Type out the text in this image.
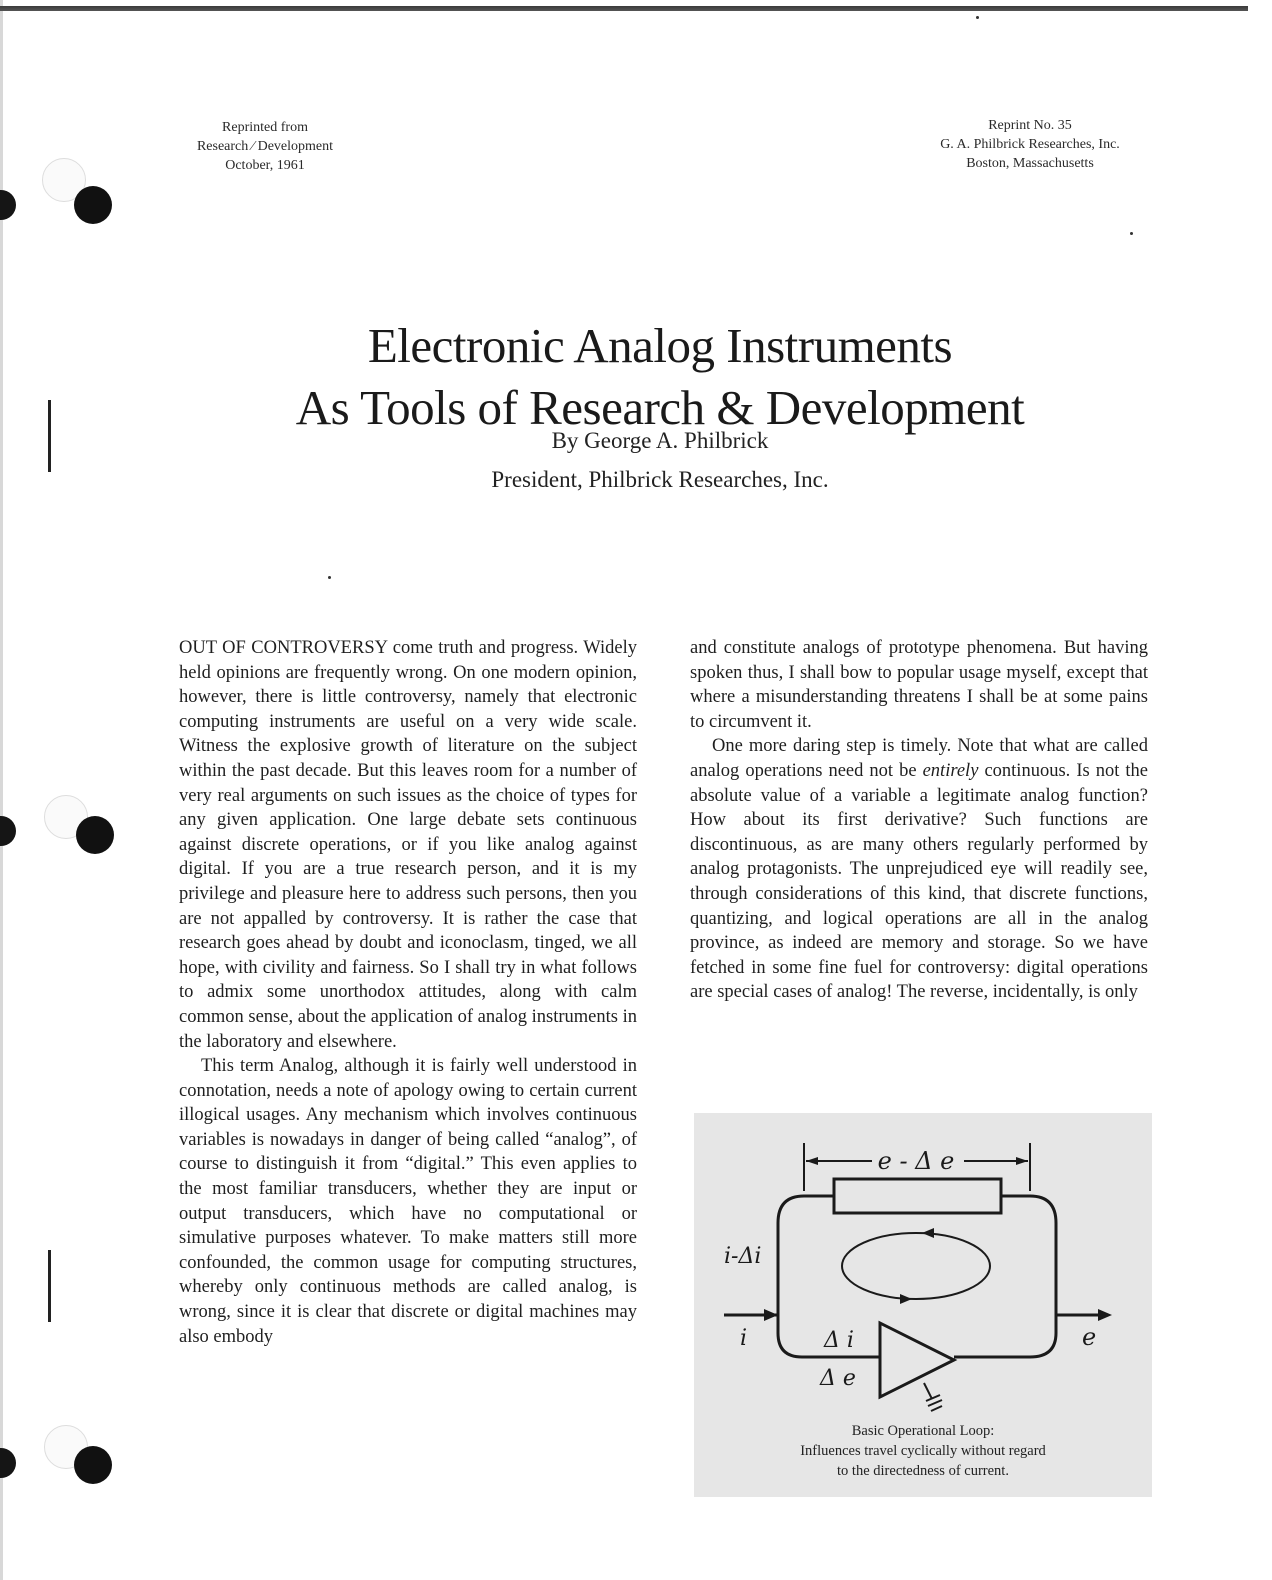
Reprinted from
Research ⁄ Development
October, 1961
Reprint No. 35
G. A. Philbrick Researches, Inc.
Boston, Massachusetts
Electronic Analog Instruments
As Tools of Research & Development
By George A. Philbrick
President, Philbrick Researches, Inc.

OUT OF CONTROVERSY come truth and progress. Widely held opinions are frequently wrong. On one modern opinion, however, there is little controversy, namely that electronic computing instruments are useful on a very wide scale. Witness the explosive growth of literature on the subject within the past decade. But this leaves room for a number of very real arguments on such issues as the choice of types for any given application. One large debate sets continuous against discrete operations, or if you like analog against digital. If you are a true research person, and it is my privilege and pleasure here to address such persons, then you are not appalled by controversy. It is rather the case that research goes ahead by doubt and iconoclasm, tinged, we all hope, with civility and fairness. So I shall try in what follows to admix some unorthodox attitudes, along with calm common sense, about the application of analog instruments in the laboratory and elsewhere.

This term Analog, although it is fairly well understood in connotation, needs a note of apology owing to certain current illogical usages. Any mechanism which involves continuous variables is nowadays in danger of being called “analog”, of course to distinguish it from “digital.” This even applies to the most familiar transducers, whether they are input or output transducers, which have no computational or simulative purposes whatever. To make matters still more confounded, the common usage for computing structures, whereby only continuous methods are called analog, is wrong, since it is clear that discrete or digital machines may also embody

and constitute analogs of prototype phenomena. But having spoken thus, I shall bow to popular usage myself, except that where a misunderstanding threatens I shall be at some pains to circumvent it.

One more daring step is timely. Note that what are called analog operations need not be entirely continuous. Is not the absolute value of a variable a legitimate analog function? How about its first derivative? Such functions are discontinuous, as are many others regularly performed by analog protagonists. The unprejudiced eye will readily see, through considerations of this kind, that discrete functions, quantizing, and logical operations are all in the analog province, as indeed are memory and storage. So we have fetched in some fine fuel for controversy: digital operations are special cases of analog! The reverse, incidentally, is only

e - Δ e
i-Δi
i	e
Δ i
Δ e
Basic Operational Loop:
Influences travel cyclically without regard
to the directedness of current.
